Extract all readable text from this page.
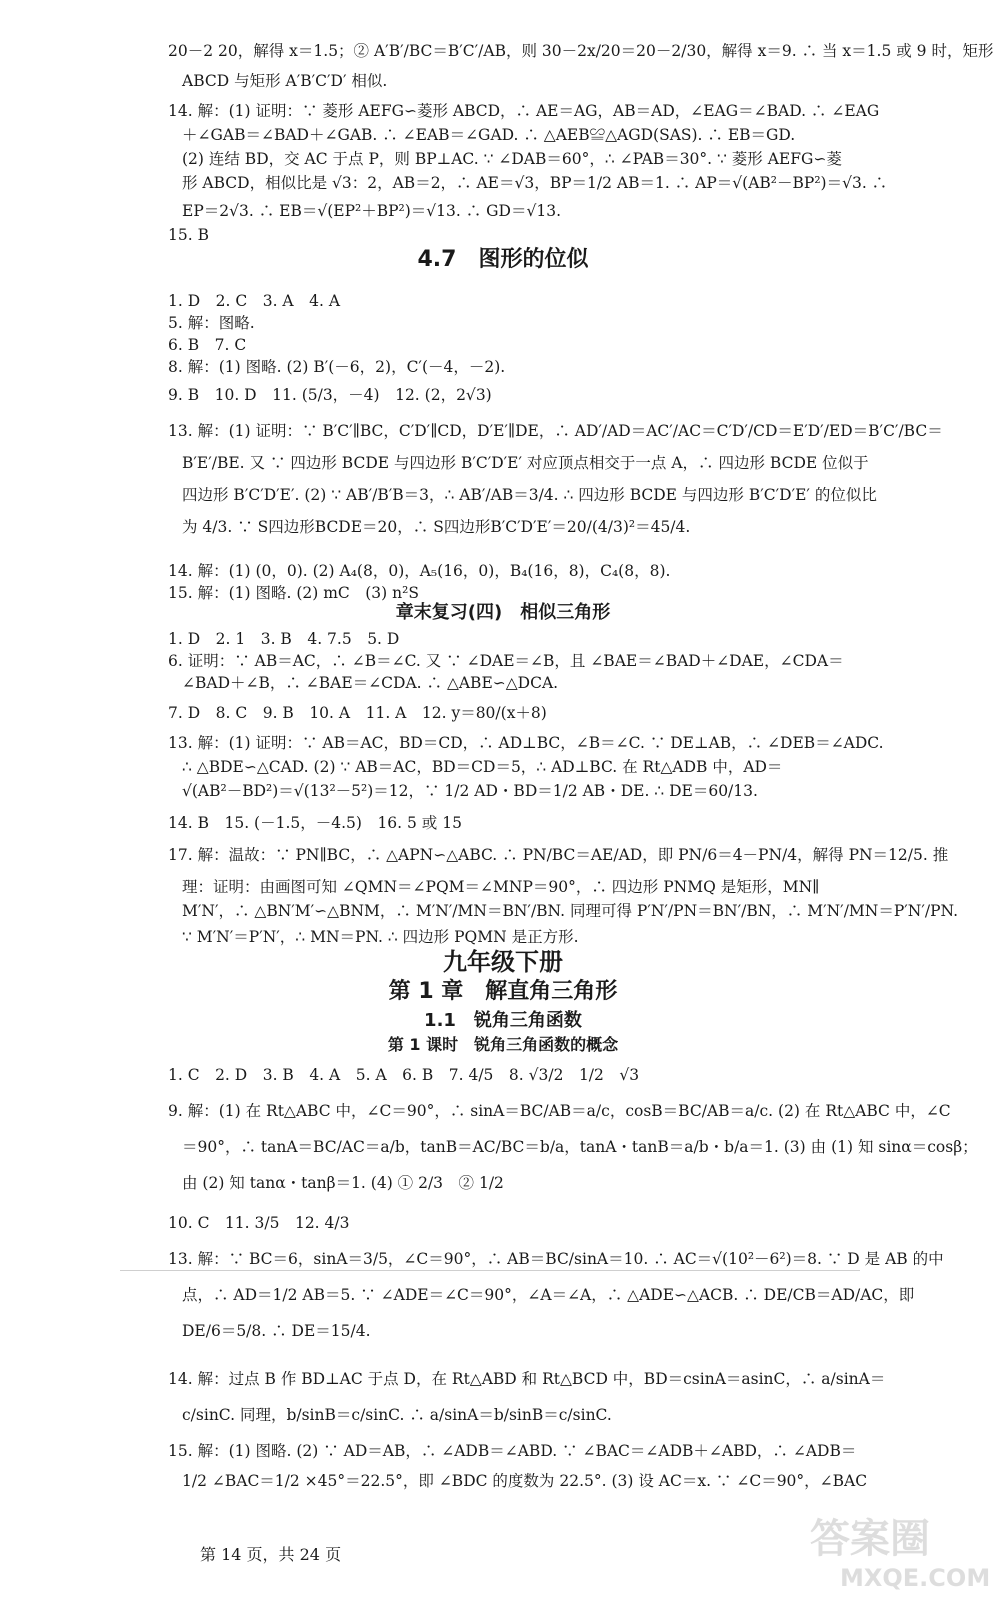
20－2 20，解得 x＝1.5；② A′B′/BC＝B′C′/AB，则 30－2x/20＝20－2/30，解得 x＝9. ∴ 当 x＝1.5 或 9 时，矩形
ABCD 与矩形 A′B′C′D′ 相似.
14. 解：(1) 证明：∵ 菱形 AEFG∽菱形 ABCD，∴ AE＝AG，AB＝AD，∠EAG＝∠BAD. ∴ ∠EAG
＋∠GAB＝∠BAD＋∠GAB. ∴ ∠EAB＝∠GAD. ∴ △AEB≌△AGD(SAS). ∴ EB＝GD.
(2) 连结 BD，交 AC 于点 P，则 BP⊥AC. ∵ ∠DAB＝60°，∴ ∠PAB＝30°. ∵ 菱形 AEFG∽菱
形 ABCD，相似比是 √3：2，AB＝2，∴ AE＝√3，BP＝1/2 AB＝1. ∴ AP＝√(AB²－BP²)＝√3. ∴
EP＝2√3. ∴ EB＝√(EP²＋BP²)＝√13. ∴ GD＝√13.
15. B
1. D　2. C　3. A　4. A
5. 解：图略.
6. B　7. C
8. 解：(1) 图略. (2) B′(－6，2)，C′(－4，－2).
9. B　10. D　11. (5/3，－4)　12. (2，2√3)
13. 解：(1) 证明：∵ B′C′∥BC，C′D′∥CD，D′E′∥DE，∴ AD′/AD＝AC′/AC＝C′D′/CD＝E′D′/ED＝B′C′/BC＝
B′E′/BE. 又 ∵ 四边形 BCDE 与四边形 B′C′D′E′ 对应顶点相交于一点 A，∴ 四边形 BCDE 位似于
四边形 B′C′D′E′. (2) ∵ AB′/B′B＝3，∴ AB′/AB＝3/4. ∴ 四边形 BCDE 与四边形 B′C′D′E′ 的位似比
为 4/3. ∵ S四边形BCDE＝20，∴ S四边形B′C′D′E′＝20/(4/3)²＝45/4.
14. 解：(1) (0，0). (2) A₄(8，0)，A₅(16，0)，B₄(16，8)，C₄(8，8).
15. 解：(1) 图略. (2) mC　(3) n²S
1. D　2. 1　3. B　4. 7.5　5. D
6. 证明：∵ AB＝AC，∴ ∠B＝∠C. 又 ∵ ∠DAE＝∠B，且 ∠BAE＝∠BAD＋∠DAE，∠CDA＝
∠BAD＋∠B，∴ ∠BAE＝∠CDA. ∴ △ABE∽△DCA.
7. D　8. C　9. B　10. A　11. A　12. y＝80/(x＋8)
13. 解：(1) 证明：∵ AB＝AC，BD＝CD，∴ AD⊥BC，∠B＝∠C. ∵ DE⊥AB，∴ ∠DEB＝∠ADC.
∴ △BDE∽△CAD. (2) ∵ AB＝AC，BD＝CD＝5，∴ AD⊥BC. 在 Rt△ADB 中，AD＝
√(AB²－BD²)＝√(13²－5²)＝12，∵ 1/2 AD・BD＝1/2 AB・DE. ∴ DE＝60/13.
14. B　15. (－1.5，－4.5)　16. 5 或 15
17. 解：温故：∵ PN∥BC，∴ △APN∽△ABC. ∴ PN/BC＝AE/AD，即 PN/6＝4－PN/4，解得 PN＝12/5. 推
理：证明：由画图可知 ∠QMN＝∠PQM＝∠MNP＝90°，∴ 四边形 PNMQ 是矩形，MN∥
M′N′，∴ △BN′M′∽△BNM，∴ M′N′/MN＝BN′/BN. 同理可得 P′N′/PN＝BN′/BN，∴ M′N′/MN＝P′N′/PN.
∵ M′N′＝P′N′，∴ MN＝PN. ∴ 四边形 PQMN 是正方形.
1. C　2. D　3. B　4. A　5. A　6. B　7. 4/5　8. √3/2　1/2　√3
9. 解：(1) 在 Rt△ABC 中，∠C＝90°，∴ sinA＝BC/AB＝a/c，cosB＝BC/AB＝a/c. (2) 在 Rt△ABC 中，∠C
＝90°，∴ tanA＝BC/AC＝a/b，tanB＝AC/BC＝b/a，tanA・tanB＝a/b・b/a＝1. (3) 由 (1) 知 sinα＝cosβ；
由 (2) 知 tanα・tanβ＝1. (4) ① 2/3　② 1/2
10. C　11. 3/5　12. 4/3
13. 解：∵ BC＝6，sinA＝3/5，∠C＝90°，∴ AB＝BC/sinA＝10. ∴ AC＝√(10²－6²)＝8. ∵ D 是 AB 的中
点，∴ AD＝1/2 AB＝5. ∵ ∠ADE＝∠C＝90°，∠A＝∠A，∴ △ADE∽△ACB. ∴ DE/CB＝AD/AC，即
DE/6＝5/8. ∴ DE＝15/4.
14. 解：过点 B 作 BD⊥AC 于点 D，在 Rt△ABD 和 Rt△BCD 中，BD＝csinA＝asinC，∴ a/sinA＝
c/sinC. 同理，b/sinB＝c/sinC. ∴ a/sinA＝b/sinB＝c/sinC.
15. 解：(1) 图略. (2) ∵ AD＝AB，∴ ∠ADB＝∠ABD. ∵ ∠BAC＝∠ADB＋∠ABD，∴ ∠ADB＝
1/2 ∠BAC＝1/2 ×45°＝22.5°，即 ∠BDC 的度数为 22.5°. (3) 设 AC＝x. ∵ ∠C＝90°，∠BAC
4.7　图形的位似
章末复习(四)　相似三角形
九年级下册
第 1 章　解直角三角形
1.1　锐角三角函数
第 1 课时　锐角三角函数的概念
第 14 页，共 24 页	答案圈
MXQE.COM
